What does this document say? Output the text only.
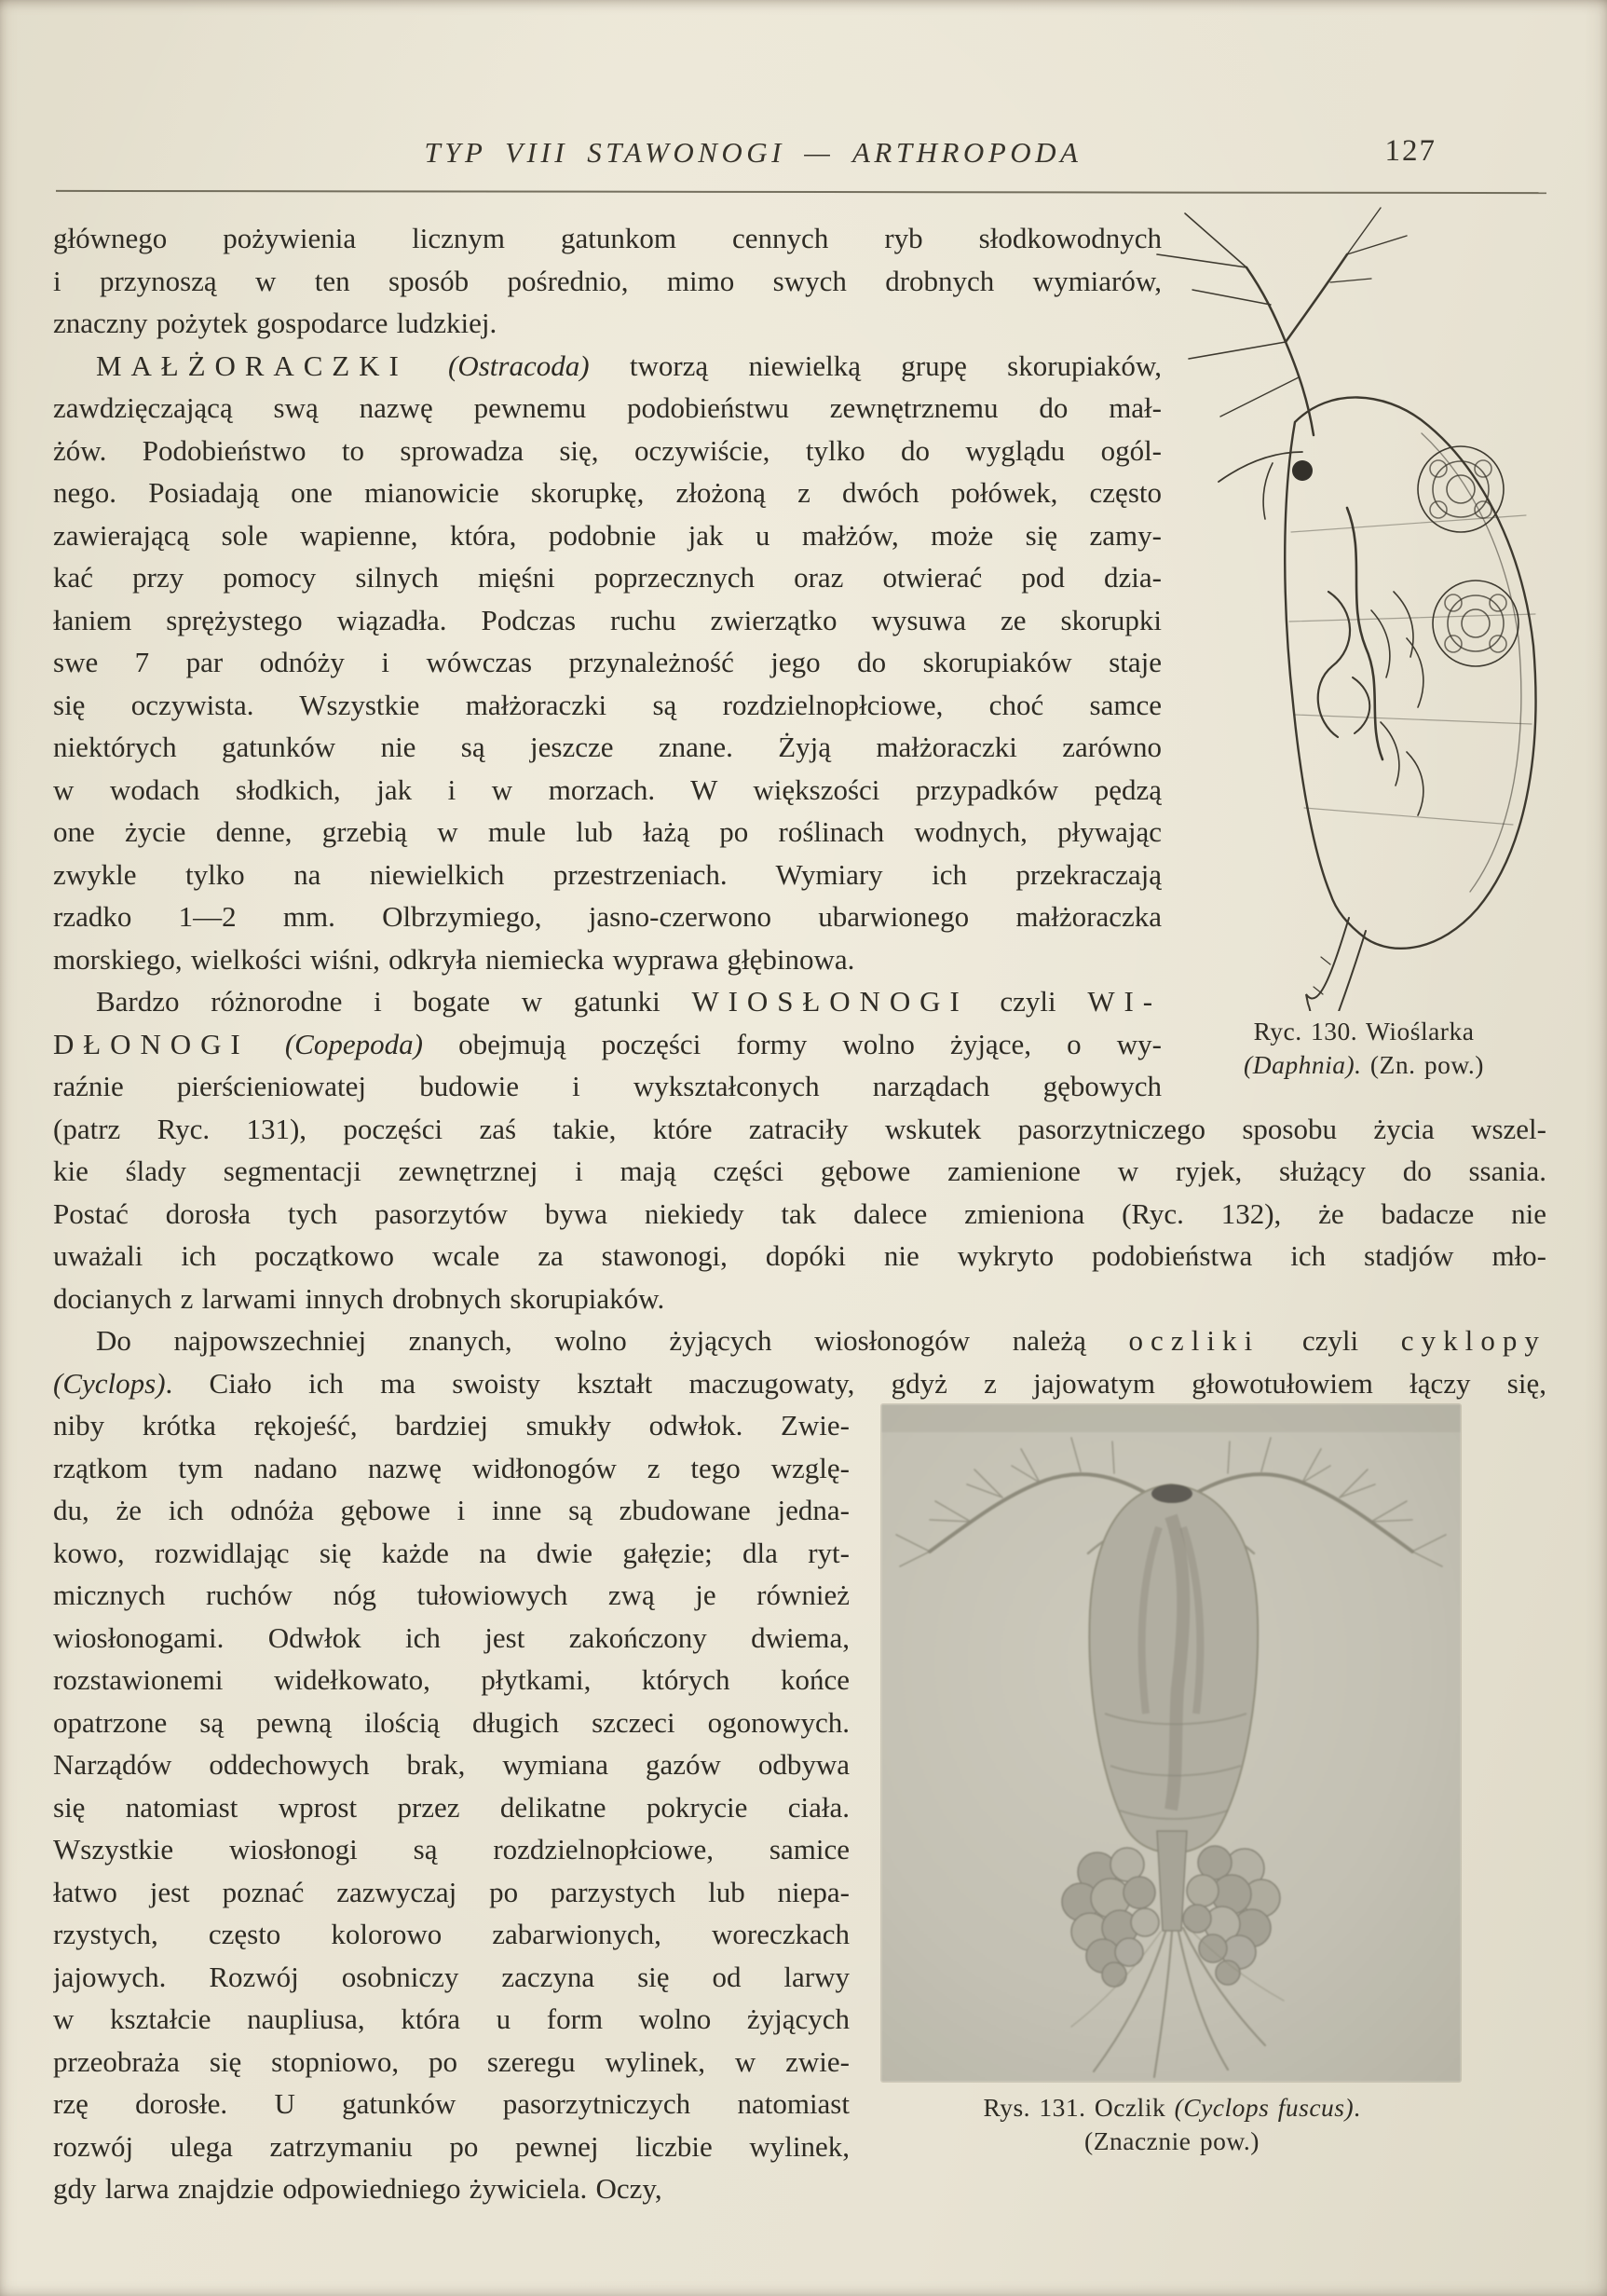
TYP VIII STAWONOGI — ARTHROPODA	127
Ryc. 130. Wioślarka
(Daphnia). (Zn. pow.)
głównego pożywienia licznym gatunkom cennych ryb słodkowodnych
i przynoszą w ten sposób pośrednio, mimo swych drobnych wymiarów,
znaczny pożytek gospodarce ludzkiej.
MAŁŻORACZKI (Ostracoda) tworzą niewielką grupę skorupiaków,
zawdzięczającą swą nazwę pewnemu podobieństwu zewnętrznemu do mał-
żów. Podobieństwo to sprowadza się, oczywiście, tylko do wyglądu ogól-
nego. Posiadają one mianowicie skorupkę, złożoną z dwóch połówek, często
zawierającą sole wapienne, która, podobnie jak u małżów, może się zamy-
kać przy pomocy silnych mięśni poprzecznych oraz otwierać pod dzia-
łaniem sprężystego wiązadła. Podczas ruchu zwierzątko wysuwa ze skorupki
swe 7 par odnóży i wówczas przynależność jego do skorupiaków staje
się oczywista. Wszystkie małżoraczki są rozdzielnopłciowe, choć samce
niektórych gatunków nie są jeszcze znane. Żyją małżoraczki zarówno
w wodach słodkich, jak i w morzach. W większości przypadków pędzą
one życie denne, grzebią w mule lub łażą po roślinach wodnych, pływając
zwykle tylko na niewielkich przestrzeniach. Wymiary ich przekraczają
rzadko 1—2 mm. Olbrzymiego, jasno-czerwono ubarwionego małżoraczka
morskiego, wielkości wiśni, odkryła niemiecka wyprawa głębinowa.
Bardzo różnorodne i bogate w gatunki WIOSŁONOGI czyli WI-
DŁONOGI (Copepoda) obejmują poczęści formy wolno żyjące, o wy-
raźnie pierścieniowatej budowie i wykształconych narządach gębowych
(patrz Ryc. 131), poczęści zaś takie, które zatraciły wskutek pasorzytniczego sposobu życia wszel-
kie ślady segmentacji zewnętrznej i mają części gębowe zamienione w ryjek, służący do ssania.
Postać dorosła tych pasorzytów bywa niekiedy tak dalece zmieniona (Ryc. 132), że badacze nie
uważali ich początkowo wcale za stawonogi, dopóki nie wykryto podobieństwa ich stadjów mło-
docianych z larwami innych drobnych skorupiaków.
Do najpowszechniej znanych, wolno żyjących wiosłonogów należą oczliki czyli cyklopy
(Cyclops). Ciało ich ma swoisty kształt maczugowaty, gdyż z jajowatym głowotułowiem łączy się,
Rys. 131. Oczlik (Cyclops fuscus).
(Znacznie pow.)
niby krótka rękojeść, bardziej smukły odwłok. Zwie-
rzątkom tym nadano nazwę widłonogów z tego wzglę-
du, że ich odnóża gębowe i inne są zbudowane jedna-
kowo, rozwidlając się każde na dwie gałęzie; dla ryt-
micznych ruchów nóg tułowiowych zwą je również
wiosłonogami. Odwłok ich jest zakończony dwiema,
rozstawionemi widełkowato, płytkami, których końce
opatrzone są pewną ilością długich szczeci ogonowych.
Narządów oddechowych brak, wymiana gazów odbywa
się natomiast wprost przez delikatne pokrycie ciała.
Wszystkie wiosłonogi są rozdzielnopłciowe, samice
łatwo jest poznać zazwyczaj po parzystych lub niepa-
rzystych, często kolorowo zabarwionych, woreczkach
jajowych. Rozwój osobniczy zaczyna się od larwy
w kształcie naupliusa, która u form wolno żyjących
przeobraża się stopniowo, po szeregu wylinek, w zwie-
rzę dorosłe. U gatunków pasorzytniczych natomiast
rozwój ulega zatrzymaniu po pewnej liczbie wylinek,
gdy larwa znajdzie odpowiedniego żywiciela. Oczy,
